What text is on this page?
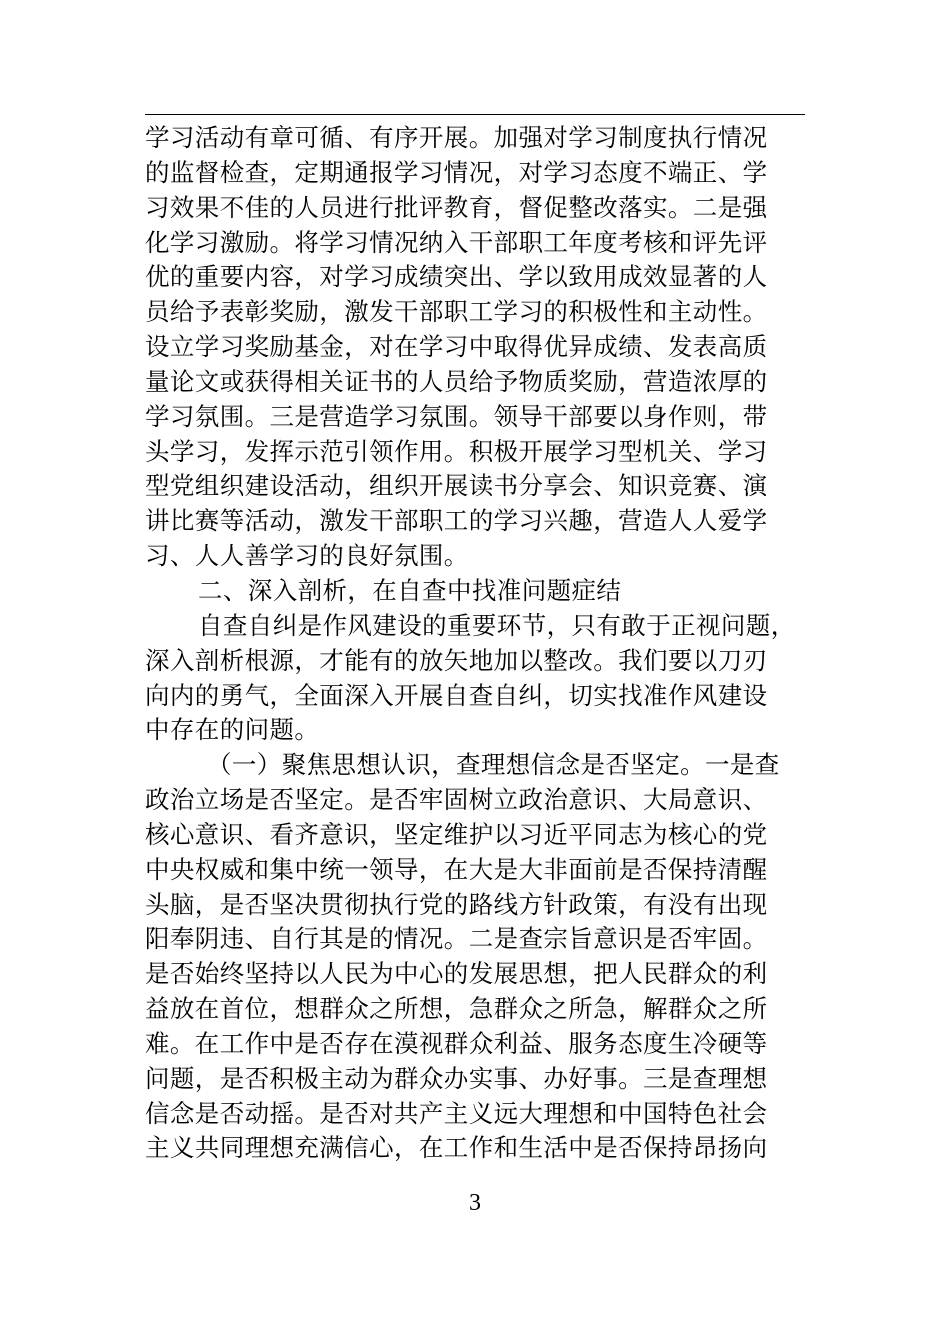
学习活动有章可循、有序开展。加强对学习制度执行情况
的监督检查，定期通报学习情况，对学习态度不端正、学
习效果不佳的人员进行批评教育，督促整改落实。二是强
化学习激励。将学习情况纳入干部职工年度考核和评先评
优的重要内容，对学习成绩突出、学以致用成效显著的人
员给予表彰奖励，激发干部职工学习的积极性和主动性。
设立学习奖励基金，对在学习中取得优异成绩、发表高质
量论文或获得相关证书的人员给予物质奖励，营造浓厚的
学习氛围。三是营造学习氛围。领导干部要以身作则，带
头学习，发挥示范引领作用。积极开展学习型机关、学习
型党组织建设活动，组织开展读书分享会、知识竞赛、演
讲比赛等活动，激发干部职工的学习兴趣，营造人人爱学
习、人人善学习的良好氛围。
二、深入剖析，在自查中找准问题症结
自查自纠是作风建设的重要环节，只有敢于正视问题，
深入剖析根源，才能有的放矢地加以整改。我们要以刀刃
向内的勇气，全面深入开展自查自纠，切实找准作风建设
中存在的问题。
（一）聚焦思想认识，查理想信念是否坚定。一是查
政治立场是否坚定。是否牢固树立政治意识、大局意识、
核心意识、看齐意识，坚定维护以习近平同志为核心的党
中央权威和集中统一领导，在大是大非面前是否保持清醒
头脑，是否坚决贯彻执行党的路线方针政策，有没有出现
阳奉阴违、自行其是的情况。二是查宗旨意识是否牢固。
是否始终坚持以人民为中心的发展思想，把人民群众的利
益放在首位，想群众之所想，急群众之所急，解群众之所
难。在工作中是否存在漠视群众利益、服务态度生冷硬等
问题，是否积极主动为群众办实事、办好事。三是查理想
信念是否动摇。是否对共产主义远大理想和中国特色社会
主义共同理想充满信心，在工作和生活中是否保持昂扬向
3
